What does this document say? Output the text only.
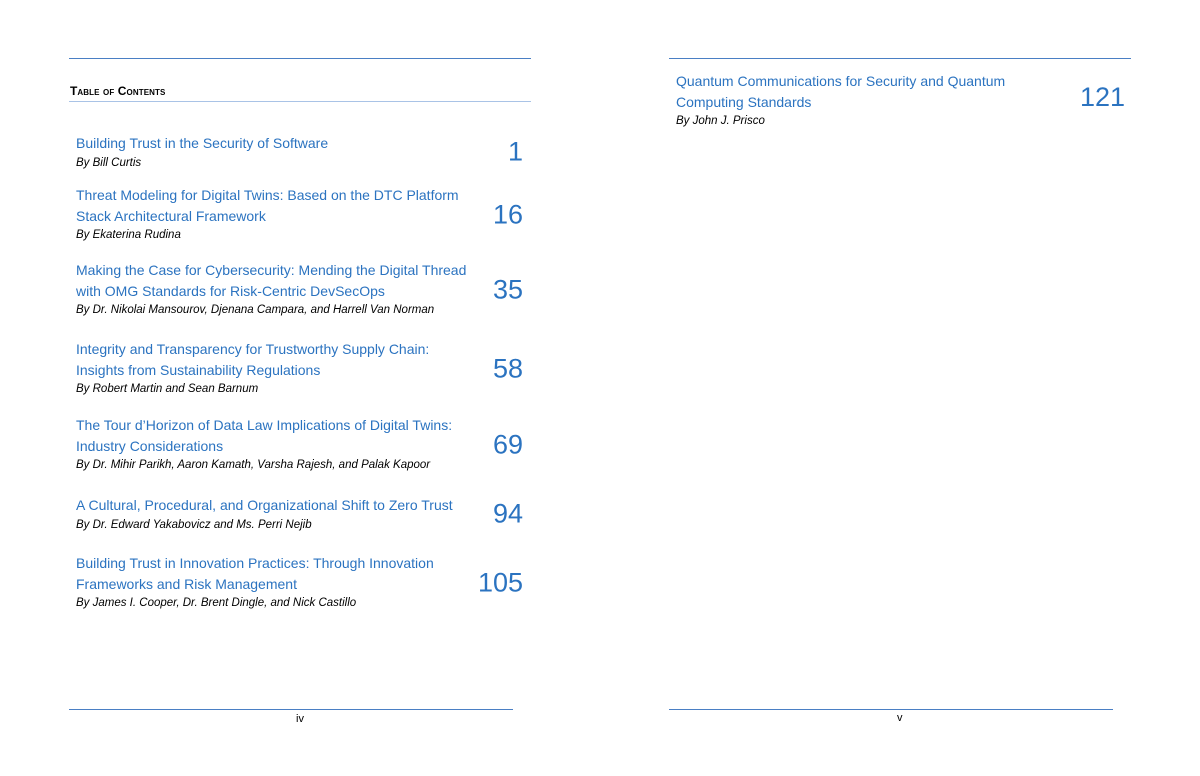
Table of Contents
Building Trust in the Security of Software
By Bill Curtis	1
Threat Modeling for Digital Twins: Based on the DTC Platform Stack Architectural Framework
By Ekaterina Rudina
16
Making the Case for Cybersecurity: Mending the Digital Thread with OMG Standards for Risk-Centric DevSecOps
By Dr. Nikolai Mansourov, Djenana Campara, and Harrell Van Norman
35
Integrity and Transparency for Trustworthy Supply Chain: Insights from Sustainability Regulations
By Robert Martin and Sean Barnum
58
The Tour d’Horizon of Data Law Implications of Digital Twins: Industry Considerations
By Dr. Mihir Parikh, Aaron Kamath, Varsha Rajesh, and Palak Kapoor
69
A Cultural, Procedural, and Organizational Shift to Zero Trust
By Dr. Edward Yakabovicz and Ms. Perri Nejib	94
Building Trust in Innovation Practices: Through Innovation Frameworks and Risk Management
By James I. Cooper, Dr. Brent Dingle, and Nick Castillo
105
iv
Quantum Communications for Security and Quantum Computing Standards
By John J. Prisco
121
v
